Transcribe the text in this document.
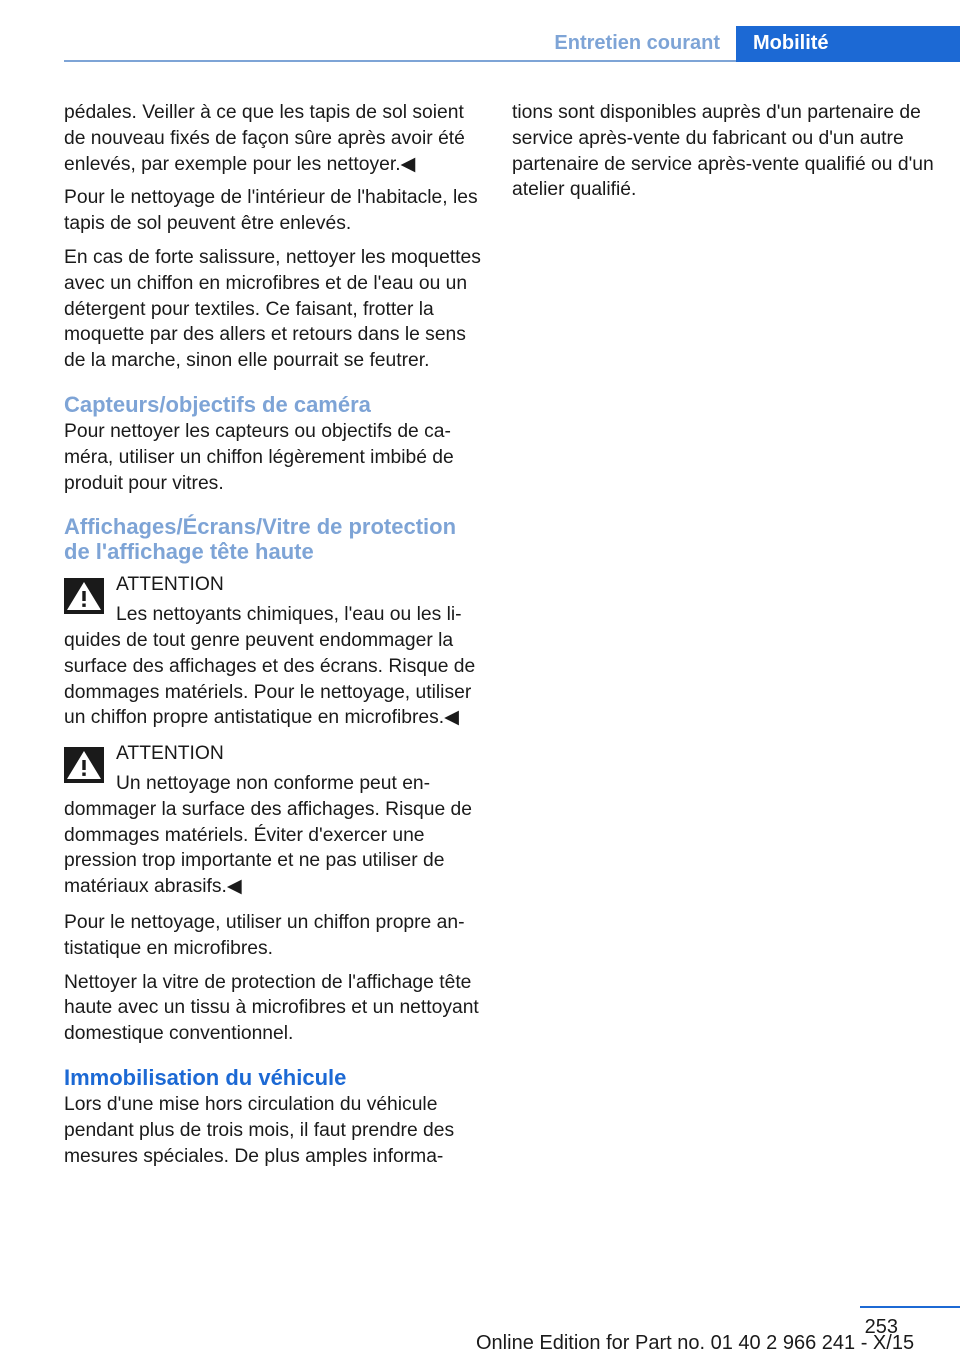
Entretien courant	Mobilité

pédales. Veiller à ce que les tapis de sol soient de nouveau fixés de façon sûre après avoir été enlevés, par exemple pour les nettoyer.◀

Pour le nettoyage de l'intérieur de l'habitacle, les tapis de sol peuvent être enlevés.

En cas de forte salissure, nettoyer les moquettes avec un chiffon en microfibres et de l'eau ou un détergent pour textiles. Ce faisant, frotter la moquette par des allers et retours dans le sens de la marche, sinon elle pourrait se feutrer.

Capteurs/objectifs de caméra

Pour nettoyer les capteurs ou objectifs de caméra, utiliser un chiffon légèrement imbibé de produit pour vitres.

Affichages/Écrans/Vitre de protection de l'affichage tête haute
ATTENTION

Les nettoyants chimiques, l'eau ou les liquides de tout genre peuvent endommager la surface des affichages et des écrans. Risque de dommages matériels. Pour le nettoyage, utiliser un chiffon propre antistatique en microfibres.◀

ATTENTION

Un nettoyage non conforme peut endommager la surface des affichages. Risque de dommages matériels. Éviter d'exercer une pression trop importante et ne pas utiliser de matériaux abrasifs.◀

Pour le nettoyage, utiliser un chiffon propre antistatique en microfibres.

Nettoyer la vitre de protection de l'affichage tête haute avec un tissu à microfibres et un nettoyant domestique conventionnel.

Immobilisation du véhicule

Lors d'une mise hors circulation du véhicule pendant plus de trois mois, il faut prendre des mesures spéciales. De plus amples informa-

tions sont disponibles auprès d'un partenaire de service après-vente du fabricant ou d'un autre partenaire de service après-vente qualifié ou d'un atelier qualifié.

253
Online Edition for Part no. 01 40 2 966 241 - X/15
